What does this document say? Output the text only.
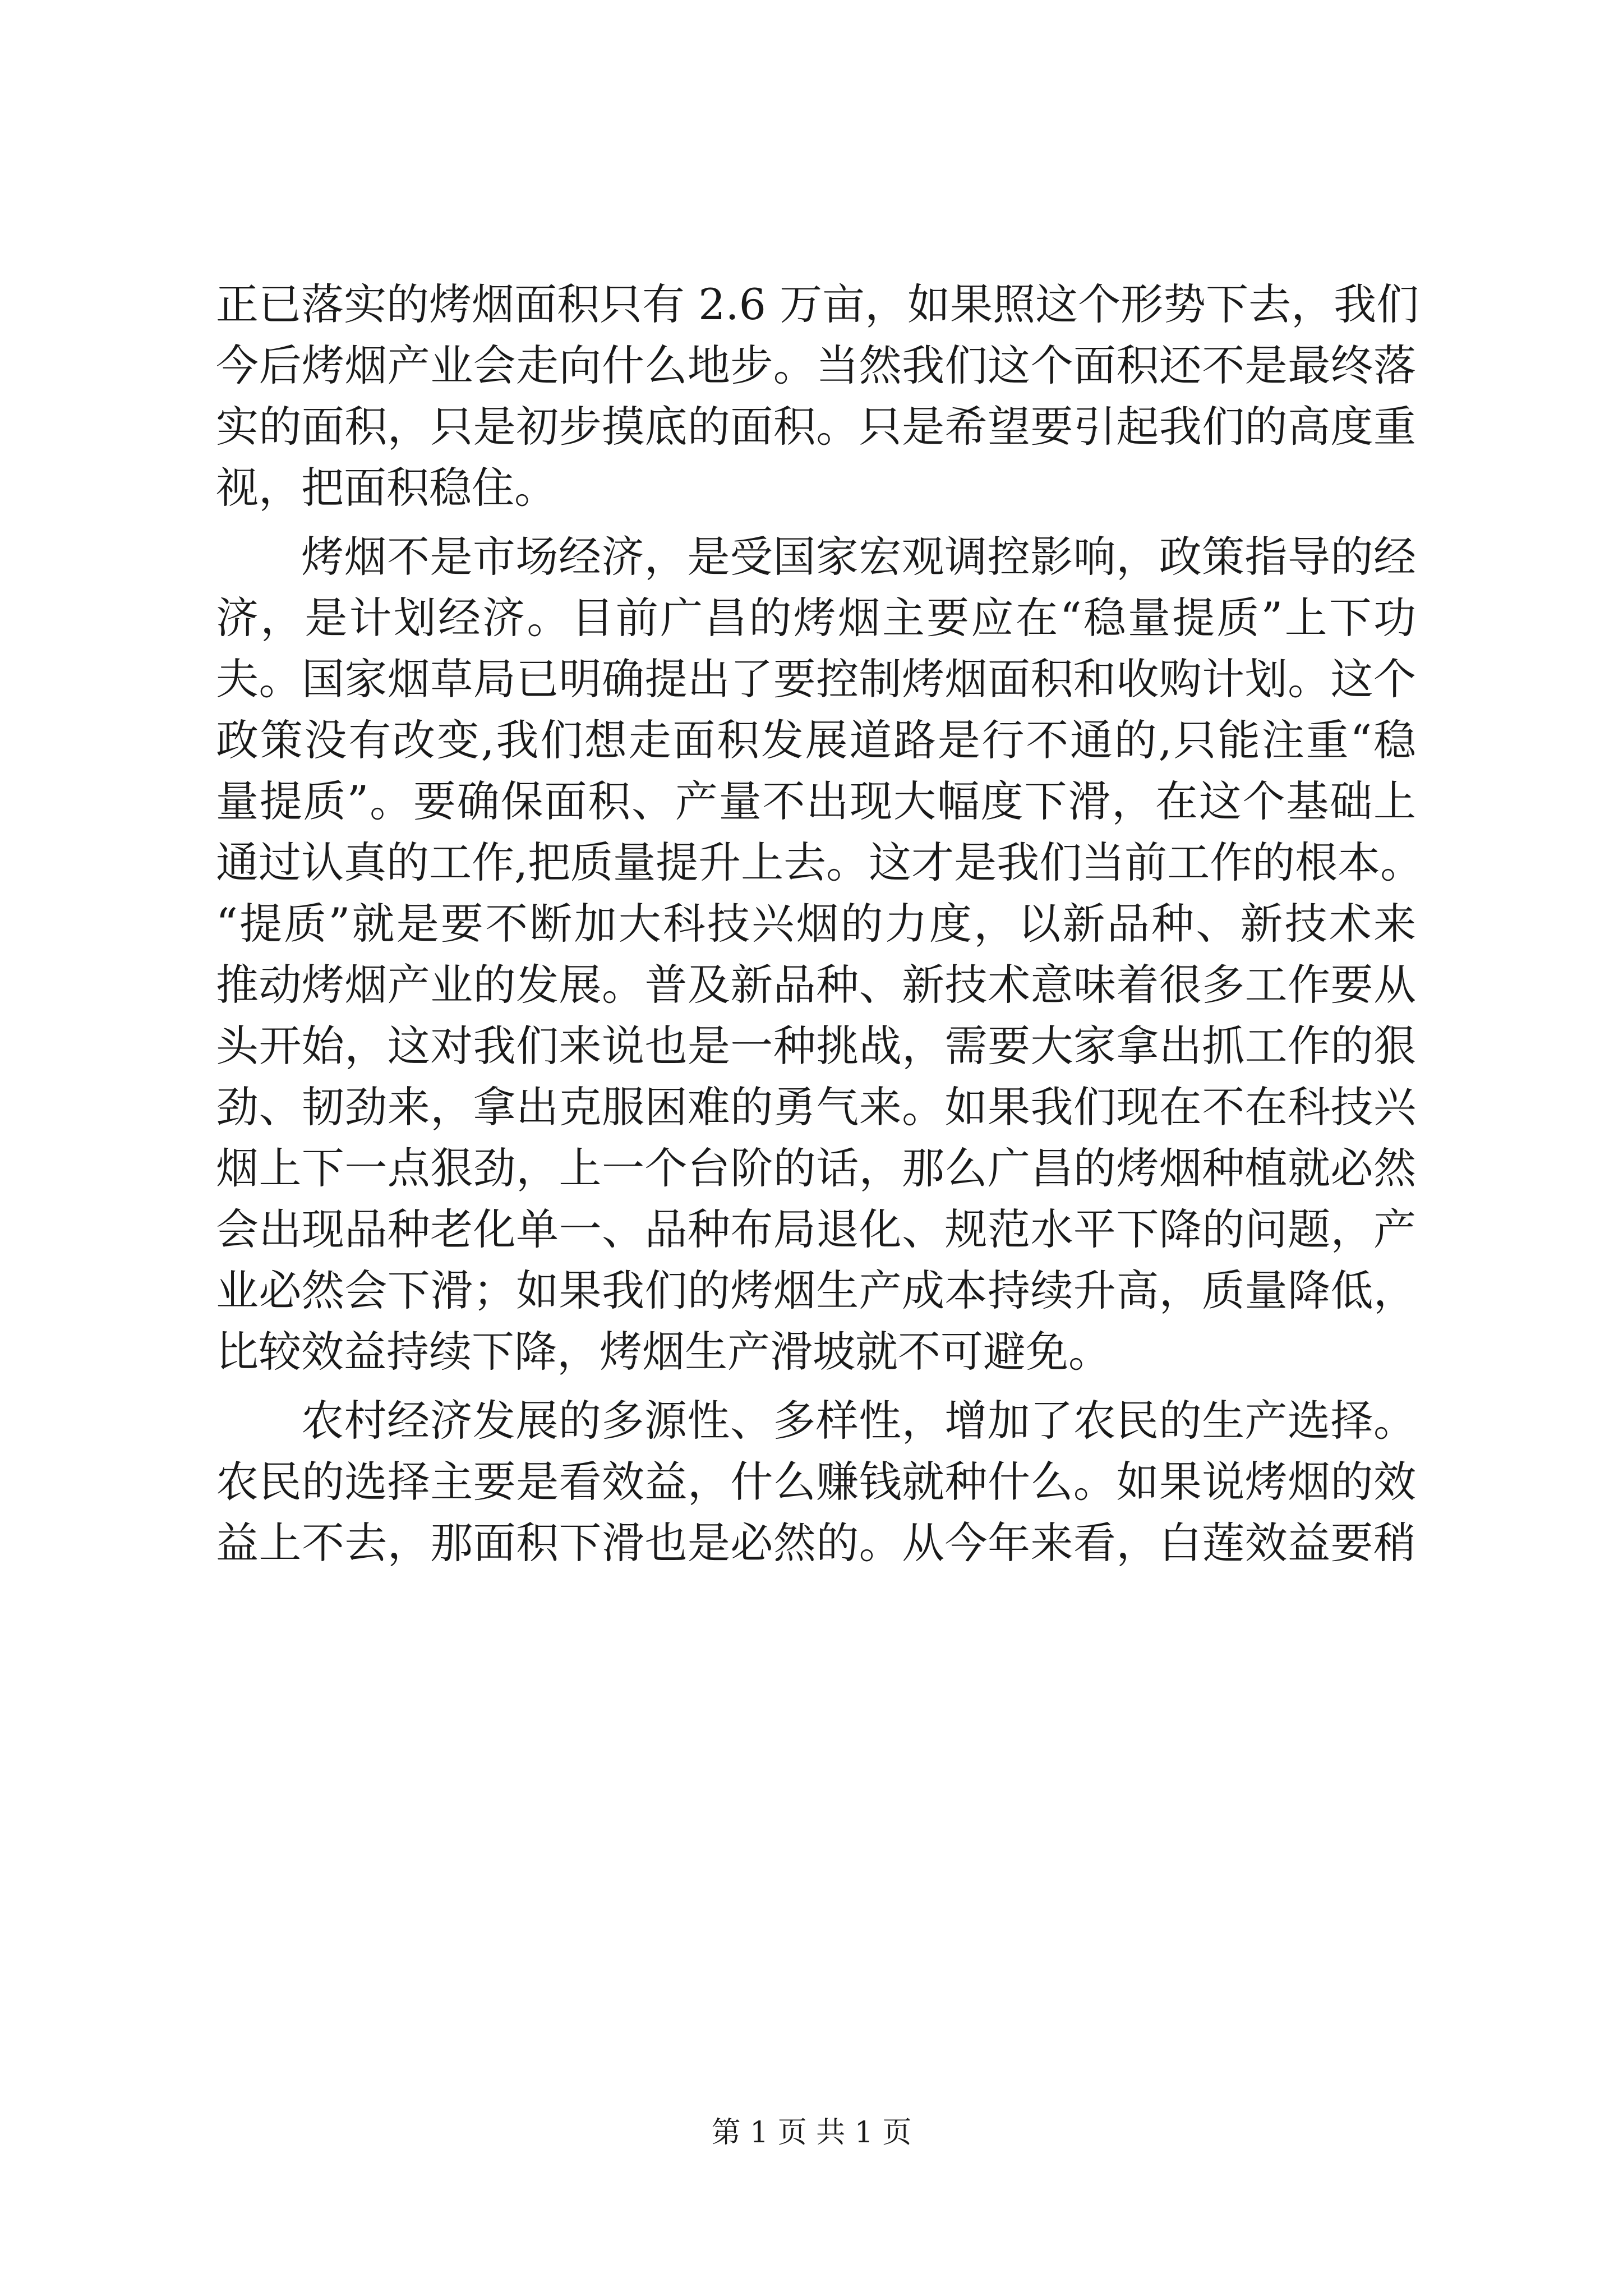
正已落实的烤烟面积只有 2.6 万亩，如果照这个形势下去，我们
今后烤烟产业会走向什么地步。当然我们这个面积还不是最终落
实的面积，只是初步摸底的面积。只是希望要引起我们的高度重
视，把面积稳住。
烤烟不是市场经济，是受国家宏观调控影响，政策指导的经
济，是计划经济。目前广昌的烤烟主要应在“稳量提质”上下功
夫。国家烟草局已明确提出了要控制烤烟面积和收购计划。这个
政策没有改变,我们想走面积发展道路是行不通的,只能注重“稳
量提质”。要确保面积、产量不出现大幅度下滑，在这个基础上
通过认真的工作,把质量提升上去。这才是我们当前工作的根本。
“提质”就是要不断加大科技兴烟的力度，以新品种、新技术来
推动烤烟产业的发展。普及新品种、新技术意味着很多工作要从
头开始，这对我们来说也是一种挑战，需要大家拿出抓工作的狠
劲、韧劲来，拿出克服困难的勇气来。如果我们现在不在科技兴
烟上下一点狠劲，上一个台阶的话，那么广昌的烤烟种植就必然
会出现品种老化单一、品种布局退化、规范水平下降的问题，产
业必然会下滑；如果我们的烤烟生产成本持续升高，质量降低，
比较效益持续下降，烤烟生产滑坡就不可避免。
农村经济发展的多源性、多样性，增加了农民的生产选择。
农民的选择主要是看效益，什么赚钱就种什么。如果说烤烟的效
益上不去，那面积下滑也是必然的。从今年来看，白莲效益要稍
第 1 页 共 1 页
